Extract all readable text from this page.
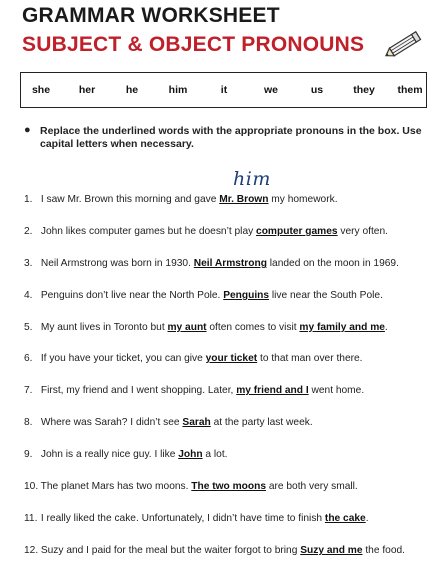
GRAMMAR WORKSHEET
SUBJECT & OBJECT PRONOUNS
she	her	he	him	it	we	us	they them
● Replace the underlined words with the appropriate pronouns in the box. Use capital letters when necessary.
him
1. I saw Mr. Brown this morning and gave Mr. Brown my homework.
2. John likes computer games but he doesn’t play computer games very often.
3. Neil Armstrong was born in 1930. Neil Armstrong landed on the moon in 1969.
4. Penguins don’t live near the North Pole. Penguins live near the South Pole.
5. My aunt lives in Toronto but my aunt often comes to visit my family and me.
6. If you have your ticket, you can give your ticket to that man over there.
7. First, my friend and I went shopping. Later, my friend and I went home.
8. Where was Sarah? I didn’t see Sarah at the party last week.
9. John is a really nice guy. I like John a lot.
10. The planet Mars has two moons. The two moons are both very small.
11. I really liked the cake. Unfortunately, I didn’t have time to finish the cake.
12. Suzy and I paid for the meal but the waiter forgot to bring Suzy and me the food.
